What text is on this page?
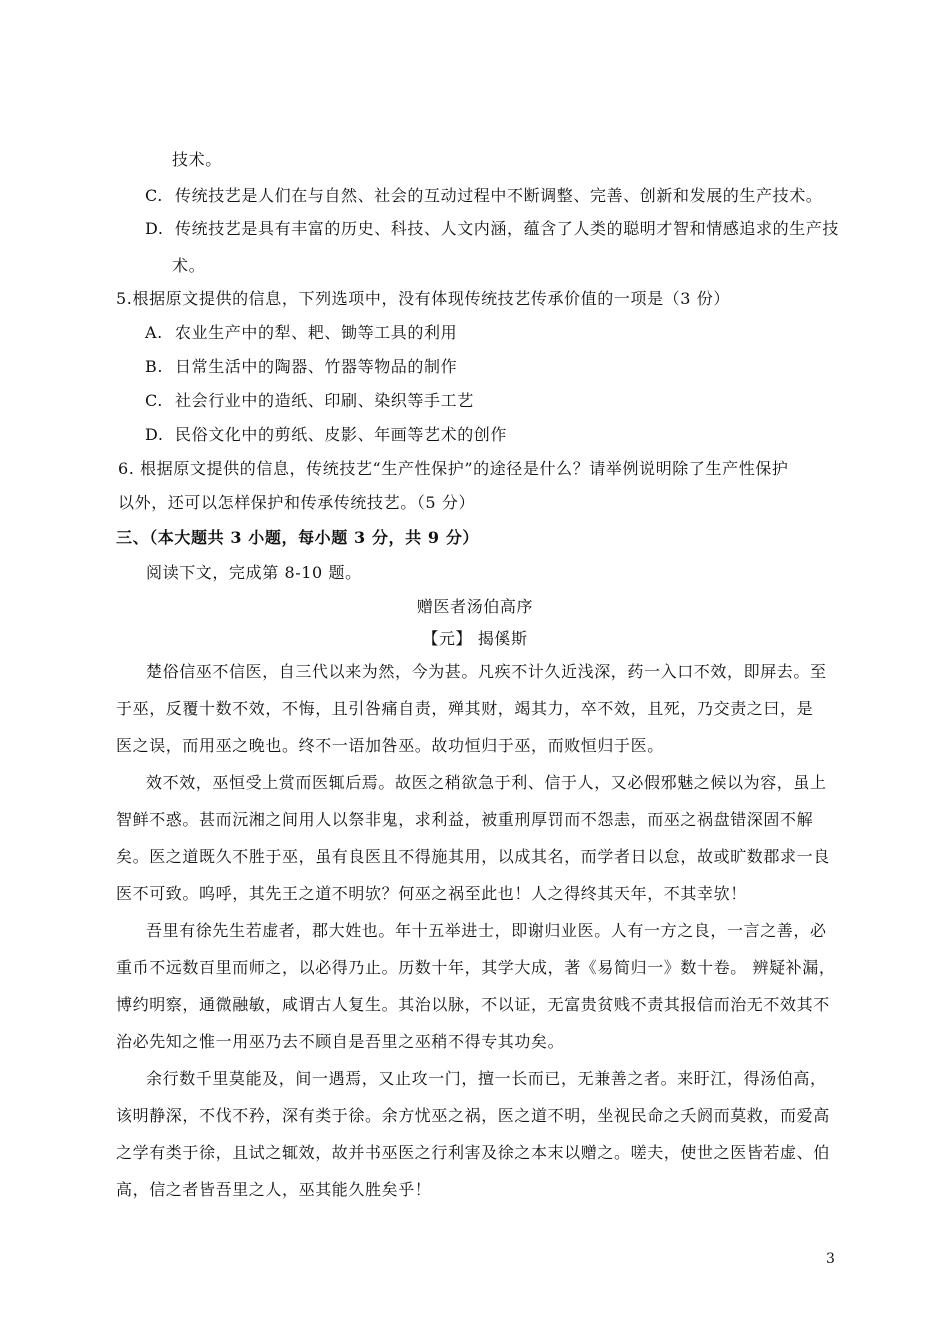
技术。
C. 传统技艺是人们在与自然、社会的互动过程中不断调整、完善、创新和发展的生产技术。
D. 传统技艺是具有丰富的历史、科技、人文内涵，蕴含了人类的聪明才智和情感追求的生产技
术。
5.根据原文提供的信息，下列选项中，没有体现传统技艺传承价值的一项是（3 份）
A. 农业生产中的犁、耙、锄等工具的利用
B. 日常生活中的陶器、竹器等物品的制作
C. 社会行业中的造纸、印刷、染织等手工艺
D. 民俗文化中的剪纸、皮影、年画等艺术的创作
6. 根据原文提供的信息，传统技艺“生产性保护”的途径是什么？请举例说明除了生产性保护
以外，还可以怎样保护和传承传统技艺。（5 分）
三、（本大题共 3 小题，每小题 3 分，共 9 分）
阅读下文，完成第 8-10 题。
赠医者汤伯高序
【元】 揭傒斯
楚俗信巫不信医，自三代以来为然，今为甚。凡疾不计久近浅深，药一入口不效，即屏去。至
于巫，反覆十数不效，不悔，且引咎痛自责，殚其财，竭其力，卒不效，且死，乃交责之曰，是
医之误，而用巫之晚也。终不一语加咎巫。故功恒归于巫，而败恒归于医。
效不效，巫恒受上赏而医辄后焉。故医之稍欲急于利、信于人，又必假邪魅之候以为容，虽上
智鲜不惑。甚而沅湘之间用人以祭非鬼，求利益，被重刑厚罚而不怨恚，而巫之祸盘错深固不解
矣。医之道既久不胜于巫，虽有良医且不得施其用，以成其名，而学者日以怠，故或旷数郡求一良
医不可致。呜呼，其先王之道不明欤？何巫之祸至此也！人之得终其天年，不其幸欤！
吾里有徐先生若虚者，郡大姓也。年十五举进士，即谢归业医。人有一方之良，一言之善，必
重币不远数百里而师之，以必得乃止。历数十年，其学大成，著《易简归一》数十卷。 辨疑补漏，
博约明察，通微融敏，咸谓古人复生。其治以脉，不以证，无富贵贫贱不责其报信而治无不效其不
治必先知之惟一用巫乃去不顾自是吾里之巫稍不得专其功矣。
余行数千里莫能及，间一遇焉，又止攻一门，擅一长而已，无兼善之者。来盱江，得汤伯高，
该明静深，不伐不矜，深有类于徐。余方忧巫之祸，医之道不明，坐视民命之夭阏而莫救，而爱高
之学有类于徐，且试之辄效，故并书巫医之行利害及徐之本末以赠之。嗟夫，使世之医皆若虚、伯
高，信之者皆吾里之人，巫其能久胜矣乎！
3
